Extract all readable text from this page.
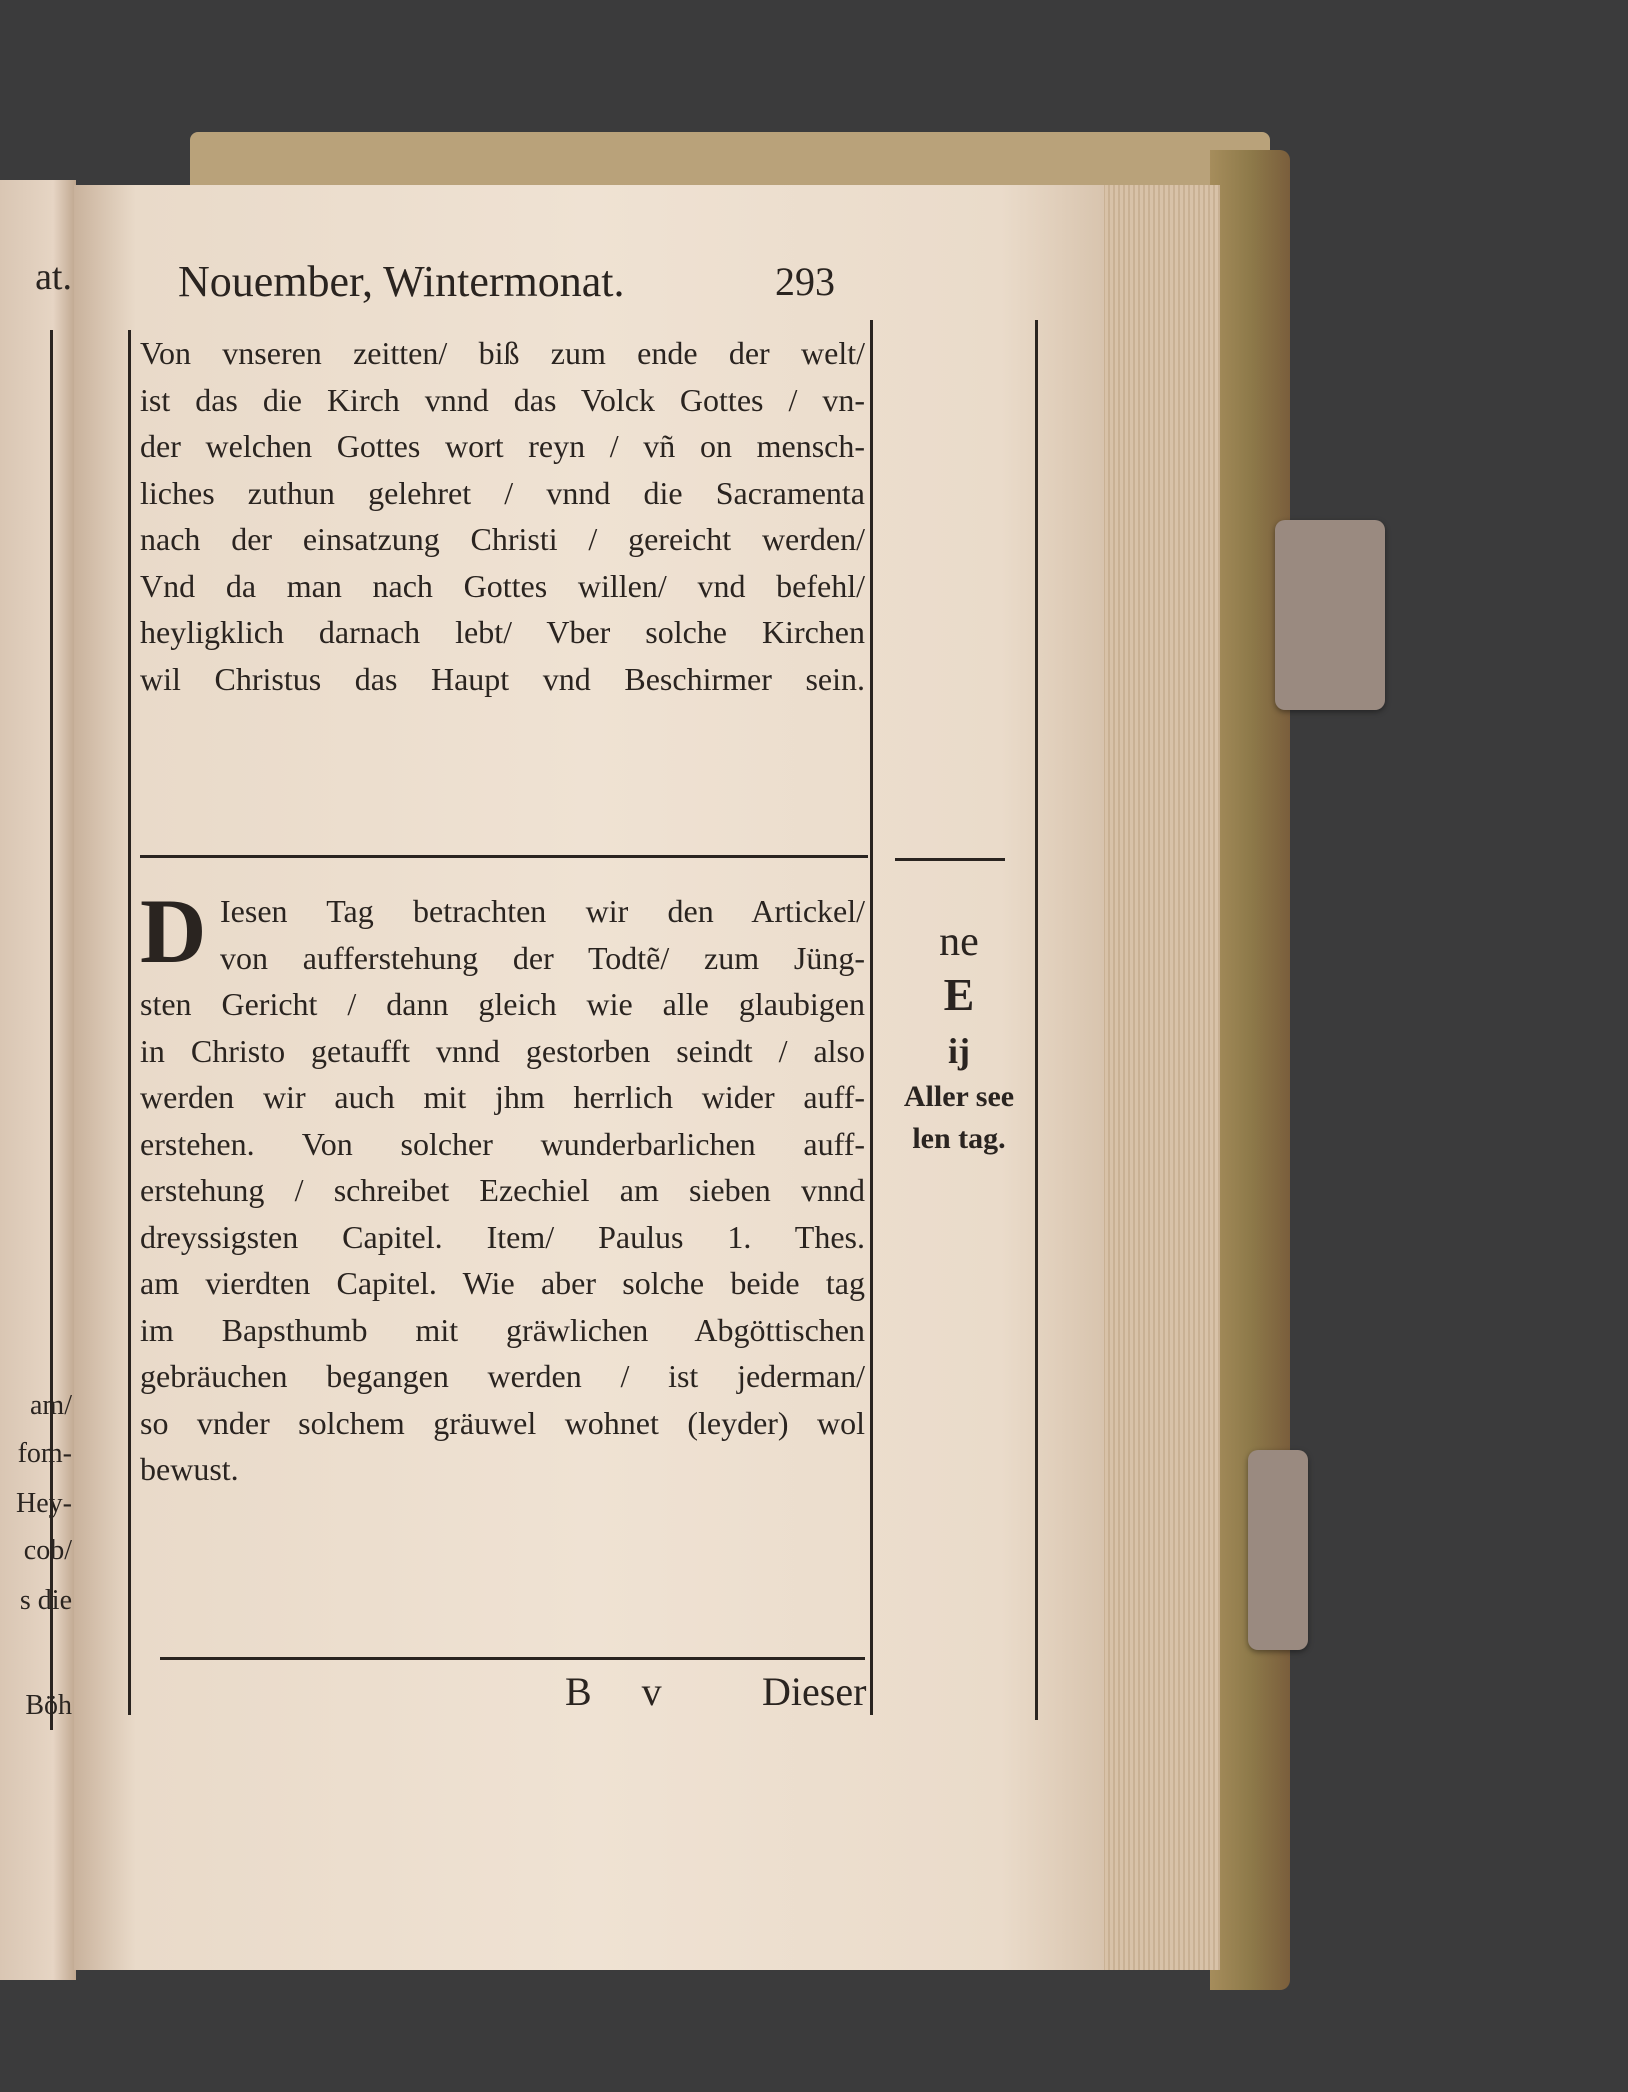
at.
am/
fom-
Hey-
cob/
s die
Böh
Nouember, Wintermonat.	293
Von vnseren zeitten/ biß zum ende der welt/
ist das die Kirch vnnd das Volck Gottes / vn-
der welchen Gottes wort reyn / vñ on mensch-
liches zuthun gelehret / vnnd die Sacramenta
nach der einsatzung Christi / gereicht werden/
Vnd da man nach Gottes willen/ vnd befehl/
heyligklich darnach lebt/ Vber solche Kirchen
wil Christus das Haupt vnd Beschirmer sein.
Iesen Tag betrachten wir den Artickel/
von aufferstehung der Todtẽ/ zum Jüng-
sten Gericht / dann gleich wie alle glaubigen
in Christo getaufft vnnd gestorben seindt / also
werden wir auch mit jhm herrlich wider auff-
erstehen. Von solcher wunderbarlichen auff-
erstehung / schreibet Ezechiel am sieben vnnd
dreyssigsten Capitel. Item/ Paulus 1. Thes.
am vierdten Capitel. Wie aber solche beide tag
im Bapsthumb mit gräwlichen Abgöttischen
gebräuchen begangen werden / ist jederman/
so vnder solchem gräuwel wohnet (leyder) wol
bewust.
D	ne
E
ij
Aller see
len tag.
B v	Dieser
